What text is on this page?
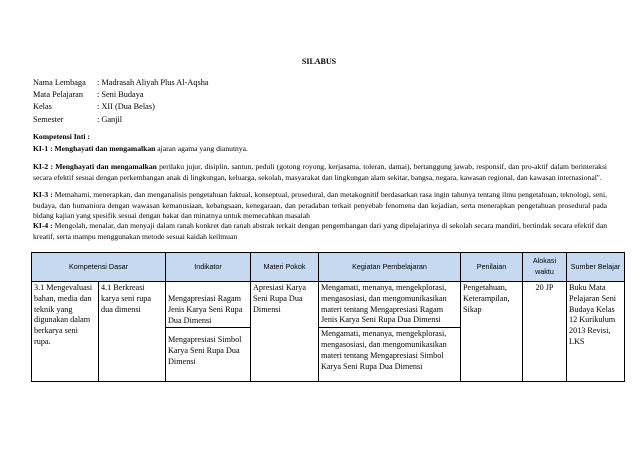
SILABUS
Nama Lembaga	: Madrasah Aliyah Plus Al-Aqsha
Mata Pelajaran	: Seni Budaya
Kelas	: XII (Dua Belas)
Semester	: Ganjil
Kompetensi Inti :
KI-1 : Menghayati dan mengamalkan ajaran agama yang dianutnya.
KI-2 : Menghayati dan mengamalkan perilaku jujur, disiplin, santun, peduli (gotong royong, kerjasama, toleran, damai), bertanggung jawab, responsif, dan pro-aktif dalam berinteraksi secara efektif sesuai dengan perkembangan anak di lingkungan, keluarga, sekolah, masyarakat dan lingkungan alam sekitar, bangsa, negara, kawasan regional, dan kawasan internasional".
KI-3 : Memahami, menerapkan, dan menganalisis pengetahuan faktual, konseptual, prosedural, dan metakognitif berdasarkan rasa ingin tahunya tentang ilmu pengetahuan, teknologi, seni, budaya, dan humaniora dengan wawasan kemanusiaan, kebangsaan, kenegaraan, dan peradaban terkait penyebab fenomena dan kejadian, serta menerapkan pengetahuan prosedural pada bidang kajian yang spesifik sesuai dengan bakat dan minatnya untuk memecahkan masalah
KI-4 : Mengolah, menalar, dan menyaji dalam ranah konkret dan ranah abstrak terkait dengan pengembangan dari yang dipelajarinya di sekolah secara mandiri, bertindak secara efektif dan kreatif, serta mampu menggunakan metode sesuai kaidah keilmuan
Kompetensi Dasar		Indikator	Materi Pokok	Kegiatan Pembelajaran	Penilaian	Alokasi waktu	Sumber Belajar
3.1 Mengevaluasi bahan, media dan teknik yang digunakan dalam berkarya seni rupa.	4.1 Berkreasi karya seni rupa dua dimensi	Mengapresiasi Ragam Jenis Karya Seni Rupa Dua Dimensi	Apresiasi Karya Seni Rupa Dua Dimensi	Mengamati, menanya, mengekplorasi, mengasosiasi, dan mengomunikasikan materi tentang Mengapresiasi Ragam Jenis Karya Seni Rupa Dua Dimensi	Pengetahuan, Keterampilan, Sikap	20 JP	Buku Mata Pelajaran Seni Budaya Kelas 12 Kurikulum 2013 Revisi, LKS

		Mengapresiasi Simbol Karya Seni Rupa Dua Dimensi		Mengamati, menanya, mengekplorasi, mengasosiasi, dan mengomunikasikan materi tentang Mengapresiasi Simbol Karya Seni Rupa Dua Dimensi			
